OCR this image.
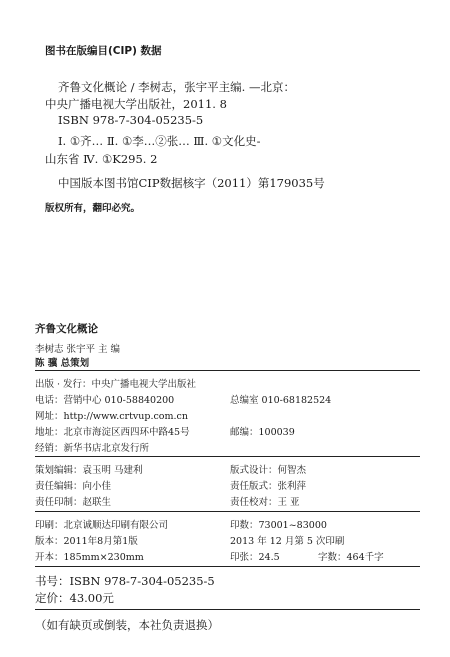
图书在版编目(CIP) 数据
齐鲁文化概论 / 李树志，张宇平主编. —北京：
中央广播电视大学出版社，2011. 8
ISBN 978-7-304-05235-5
Ⅰ. ①齐… Ⅱ. ①李…②张… Ⅲ. ①文化史-
山东省 Ⅳ. ①K295. 2
中国版本图书馆CIP数据核字（2011）第179035号
版权所有，翻印必究。
齐鲁文化概论
李树志 张宇平 主 编
陈 骥 总策划
出版 · 发行：中央广播电视大学出版社
电话：营销中心 010-58840200	总编室 010-68182524
网址：http://www.crtvup.com.cn
地址：北京市海淀区西四环中路45号	邮编：100039
经销：新华书店北京发行所
策划编辑：袁玉明 马建利	版式设计：何智杰
责任编辑：向小佳	责任版式：张利萍
责任印制：赵联生	责任校对：王 亚
印刷：北京诚顺达印刷有限公司	印数：73001~83000
版本：2011年8月第1版	2013 年 12 月第 5 次印刷
开本：185mm×230mm	印张：24.5	字数：464千字
书号：ISBN 978-7-304-05235-5
定价：43.00元
（如有缺页或倒装，本社负责退换）
